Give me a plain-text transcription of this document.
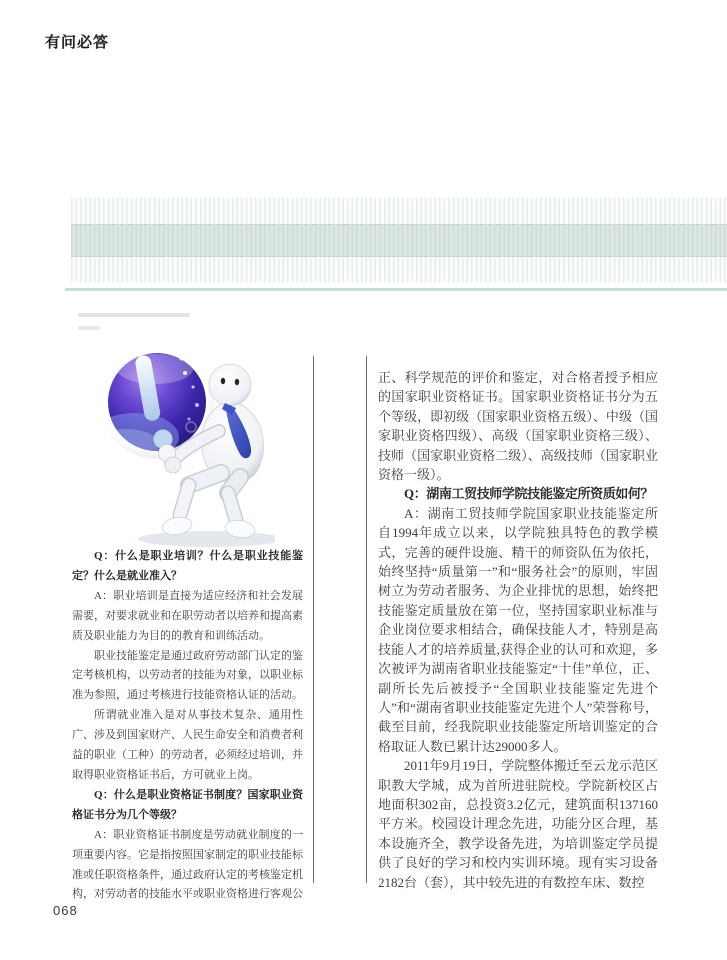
有问必答

Q：什么是职业培训？什么是职业技能鉴定？什么是就业准入？

A：职业培训是直接为适应经济和社会发展需要，对要求就业和在职劳动者以培养和提高素质及职业能力为目的的教育和训练活动。

职业技能鉴定是通过政府劳动部门认定的鉴定考核机构，以劳动者的技能为对象，以职业标准为参照，通过考核进行技能资格认证的活动。

所谓就业准入是对从事技术复杂、通用性广、涉及到国家财产、人民生命安全和消费者利益的职业（工种）的劳动者，必须经过培训，并取得职业资格证书后，方可就业上岗。

Q：什么是职业资格证书制度？国家职业资格证书分为几个等级？

A：职业资格证书制度是劳动就业制度的一项重要内容。它是指按照国家制定的职业技能标准或任职资格条件，通过政府认定的考核鉴定机构，对劳动者的技能水平或职业资格进行客观公

正、科学规范的评价和鉴定，对合格者授予相应的国家职业资格证书。国家职业资格证书分为五个等级，即初级（国家职业资格五级）、中级（国家职业资格四级）、高级（国家职业资格三级）、技师（国家职业资格二级）、高级技师（国家职业资格一级）。

Q：湖南工贸技师学院技能鉴定所资质如何？

A：湖南工贸技师学院国家职业技能鉴定所自1994年成立以来，以学院独具特色的教学模式，完善的硬件设施、精干的师资队伍为依托，始终坚持“质量第一”和“服务社会”的原则，牢固树立为劳动者服务、为企业排忧的思想，始终把技能鉴定质量放在第一位，坚持国家职业标准与企业岗位要求相结合，确保技能人才，特别是高技能人才的培养质量,获得企业的认可和欢迎，多次被评为湖南省职业技能鉴定“十佳”单位，正、副所长先后被授予“全国职业技能鉴定先进个人”和“湖南省职业技能鉴定先进个人”荣誉称号，截至目前，经我院职业技能鉴定所培训鉴定的合格取证人数已累计达29000多人。

2011年9月19日，学院整体搬迁至云龙示范区职教大学城，成为首所进驻院校。学院新校区占地面积302亩，总投资3.2亿元，建筑面积137160平方米。校园设计理念先进，功能分区合理，基本设施齐全，教学设备先进，为培训鉴定学员提供了良好的学习和校内实训环境。现有实习设备2182台（套），其中较先进的有数控车床、数控

068
